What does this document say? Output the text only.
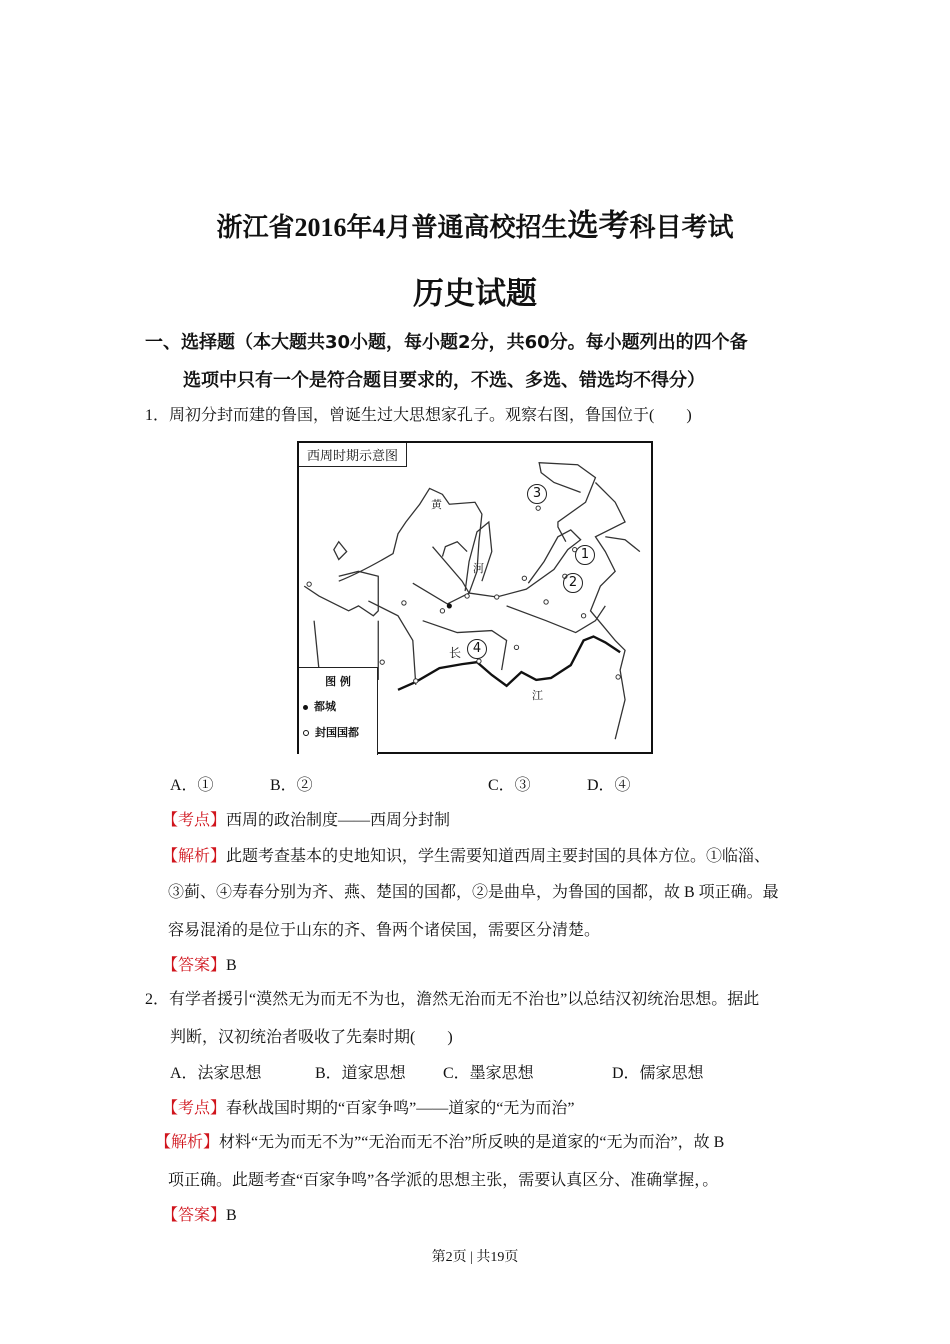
浙江省2016年4月普通高校招生选考科目考试
历史试题
一、选择题（本大题共30小题，每小题2分，共60分。每小题列出的四个备
选项中只有一个是符合题目要求的，不选、多选、错选均不得分）
1．周初分封而建的鲁国，曾诞生过大思想家孔子。观察右图，鲁国位于(　　)
西周时期示意图
黄
河
长
江
3
1
2
4
图 例
都城
封国国都
A．①	B．②	C．③	D．④
【考点】西周的政治制度——西周分封制
【解析】此题考查基本的史地知识，学生需要知道西周主要封国的具体方位。①临淄、
③蓟、④寿春分别为齐、燕、楚国的国都，②是曲阜，为鲁国的国都，故 B 项正确。最
容易混淆的是位于山东的齐、鲁两个诸侯国，需要区分清楚。
【答案】B
2．有学者援引“漠然无为而无不为也，澹然无治而无不治也”以总结汉初统治思想。据此
判断，汉初统治者吸收了先秦时期(　　)
A．法家思想	B．道家思想 C．墨家思想	D．儒家思想
【考点】春秋战国时期的“百家争鸣”——道家的“无为而治”
【解析】材料“无为而无不为”“无治而无不治”所反映的是道家的“无为而治”，故 B
项正确。此题考查“百家争鸣”各学派的思想主张，需要认真区分、准确掌握，。
【答案】B
第2页 | 共19页
